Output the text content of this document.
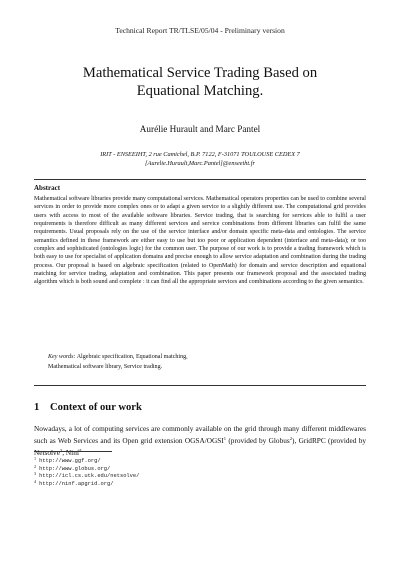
Technical Report TR/TLSE/05/04 - Preliminary version
Mathematical Service Trading Based on
Equational Matching.
Aurélie Hurault and Marc Pantel
IRIT - ENSEEIHT, 2 rue Camichel, B.P. 7122, F-31071 TOULOUSE CEDEX 7
[Aurelie.Hurault,Marc.Pantel]@enseeiht.fr
Abstract
Mathematical software libraries provide many computational services. Mathematical operators properties can be used to combine several services in order to provide more complex ones or to adapt a given service to a slightly different use. The computational grid provides users with access to most of the available software libraries. Service trading, that is searching for services able to fulfil a user requirements is therefore difficult as many different services and service combinations from different libraries can fulfil the same requirements. Usual proposals rely on the use of the service interface and/or domain specific meta-data and ontologies. The service semantics defined in these framework are either easy to use but too poor or application dependent (interface and meta-data); or too complex and sophisticated (ontologies logic) for the common user. The purpose of our work is to provide a trading framework which is both easy to use for specialist of application domains and precise enough to allow service adaptation and combination during the trading process. Our proposal is based on algebraic specification (related to OpenMath) for domain and service description and equational matching for service trading, adaptation and combination. This paper presents our framework proposal and the associated trading algorithm which is both sound and complete : it can find all the appropriate services and combinations according to the given semantics.
Key words: Algebraic specification, Equational matching,
Mathematical software library, Service trading.
1 Context of our work
Nowadays, a lot of computing services are commonly available on the grid through many different middlewares such as Web Services and its Open grid extension OGSA/OGSI$^1$ (provided by Globus$^2$), GridRPC (provided by Netsolve$^3$, Ninf$^4$
$^1$ http://www.ggf.org/
$^2$ http://www.globus.org/
$^3$ http://icl.cs.utk.edu/netsolve/
$^4$ http://ninf.apgrid.org/
